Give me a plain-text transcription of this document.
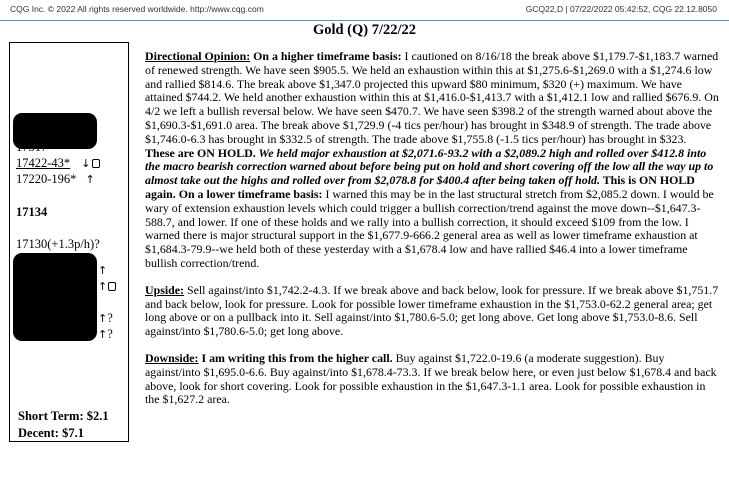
CQG Inc. © 2022 All rights reserved worldwide. http://www.cqg.com	GCQ22,D | 07/22/2022 05:42:52, CQG 22.12.8050
Gold (Q) 7/22/22
17422-43* ↓
17220-196* ↑
17134
17130(+1.3p/h)?
↑
↑
↑?
↑?
Short Term: $2.1
Decent: $7.1

Directional Opinion: On a higher timeframe basis: I cautioned on 8/16/18 the break above $1,179.7-$1,183.7 warned of renewed strength. We have seen $905.5. We held an exhaustion within this at $1,275.6-$1,269.0 with a $1,274.6 low and rallied $814.6. The break above $1,347.0 projected this upward $80 minimum, $320 (+) maximum. We have attained $744.2. We held another exhaustion within this at $1,416.0-$1,413.7 with a $1,412.1 low and rallied $676.9. On 4/2 we left a bullish reversal below. We have seen $470.7. We have seen $398.2 of the strength warned about above the $1,690.3-$1,691.0 area. The break above $1,729.9 (-4 tics per/hour) has brought in $348.9 of strength. The trade above $1,746.0-6.3 has brought in $332.5 of strength. The trade above $1,755.8 (-1.5 tics per/hour) has brought in $323. These are ON HOLD. We held major exhaustion at $2,071.6-93.2 with a $2,089.2 high and rolled over $412.8 into the macro bearish correction warned about before being put on hold and short covering off the low all the way up to almost take out the highs and rolled over from $2,078.8 for $400.4 after being taken off hold. This is ON HOLD again. On a lower timeframe basis: I warned this may be in the last structural stretch from $2,085.2 down. I would be wary of extension exhaustion levels which could trigger a bullish correction/trend against the move down--$1,647.3-588.7, and lower. If one of these holds and we rally into a bullish correction, it should exceed $109 from the low. I warned there is major structural support in the $1,677.9-666.2 general area as well as lower timeframe exhaustion at $1,684.3-79.9--we held both of these yesterday with a $1,678.4 low and have rallied $46.4 into a lower timeframe bullish correction/trend.

Upside: Sell against/into $1,742.2-4.3. If we break above and back below, look for pressure. If we break above $1,751.7 and back below, look for pressure. Look for possible lower timeframe exhaustion in the $1,753.0-62.2 general area; get long above or on a pullback into it. Sell against/into $1,780.6-5.0; get long above. Get long above $1,753.0-8.6. Sell against/into $1,780.6-5.0; get long above.

Downside: I am writing this from the higher call. Buy against $1,722.0-19.6 (a moderate suggestion). Buy against/into $1,695.0-6.6. Buy against/into $1,678.4-73.3. If we break below here, or even just below $1,678.4 and back above, look for short covering. Look for possible exhaustion in the $1,647.3-1.1 area. Look for possible exhaustion in the $1,627.2 area.
